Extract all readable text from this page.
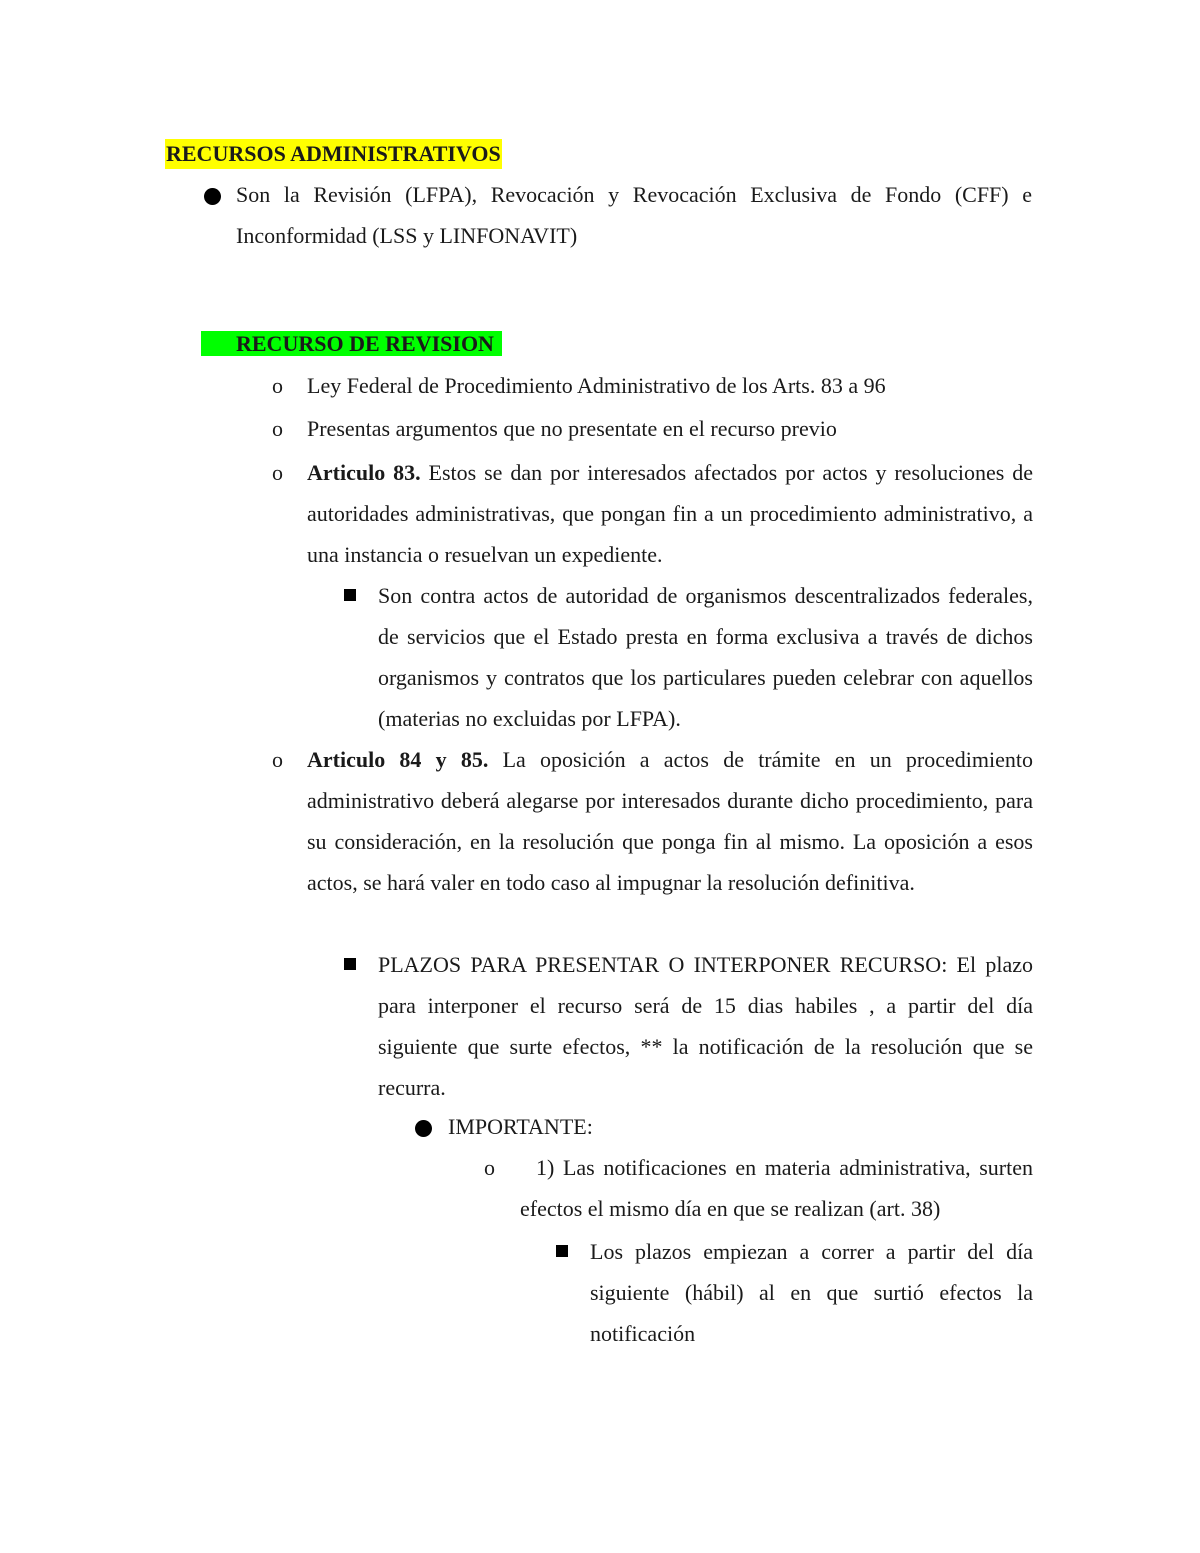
RECURSOS ADMINISTRATIVOS
Son la Revisión (LFPA), Revocación y Revocación Exclusiva de Fondo (CFF) e Inconformidad (LSS y LINFONAVIT)
RECURSO DE REVISION
o Ley Federal de Procedimiento Administrativo de los Arts. 83 a 96
o Presentas argumentos que no presentate en el recurso previo
o Articulo 83. Estos se dan por interesados afectados por actos y resoluciones de autoridades administrativas, que pongan fin a un procedimiento administrativo, a una instancia o resuelvan un expediente.
Son contra actos de autoridad de organismos descentralizados federales, de servicios que el Estado presta en forma exclusiva a través de dichos organismos y contratos que los particulares pueden celebrar con aquellos (materias no excluidas por LFPA).
o Articulo 84 y 85. La oposición a actos de trámite en un procedimiento administrativo deberá alegarse por interesados durante dicho procedimiento, para su consideración, en la resolución que ponga fin al mismo. La oposición a esos actos, se hará valer en todo caso al impugnar la resolución definitiva.
PLAZOS PARA PRESENTAR O INTERPONER RECURSO: El plazo para interponer el recurso será de 15 dias habiles , a partir del día siguiente que surte efectos, ** la notificación de la resolución que se recurra.
IMPORTANTE:
o	1) Las notificaciones en materia administrativa, surten efectos el mismo día en que se realizan (art. 38)
Los plazos empiezan a correr a partir del día siguiente (hábil) al en que surtió efectos la notificación
